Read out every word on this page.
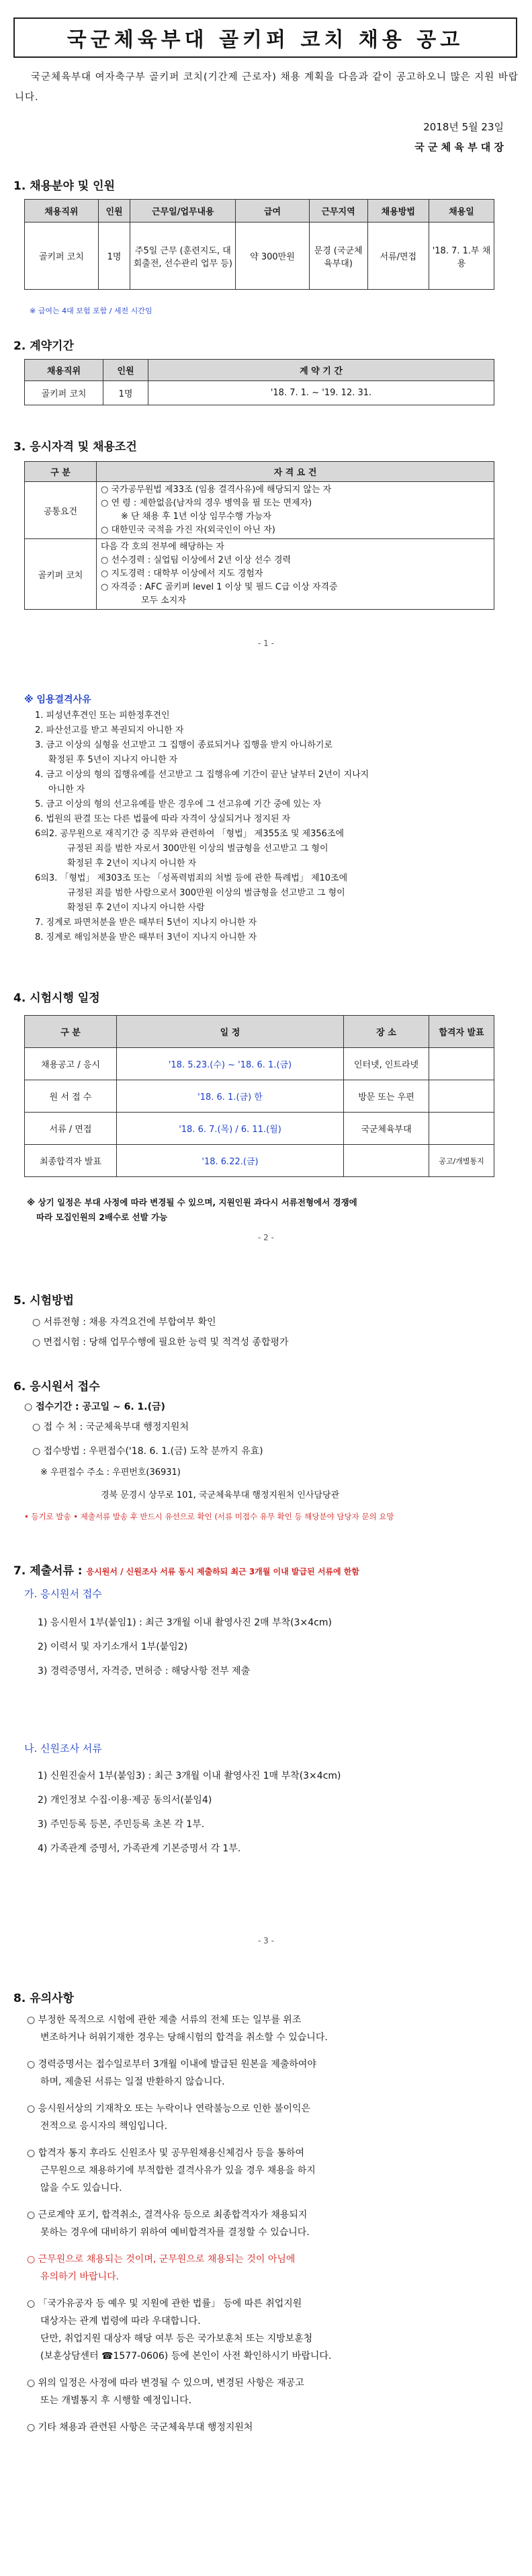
국군체육부대 골키퍼 코치 채용 공고
국군체육부대 여자축구부 골키퍼 코치(기간제 근로자) 채용 계획을 다음과 같이 공고하오니 많은 지원 바랍니다.
2018년 5월 23일
국 군 체 육 부 대 장
1. 채용분야 및 인원
채용직위	인원	근무일/업무내용	급여	근무지역	채용방법	채용일
골키퍼 코치	1명	주5일 근무 (훈련지도, 대회출전, 선수관리 업무 등)	약 300만원	문경 (국군체육부대)	서류/면접	'18. 7. 1.부 채용
※ 급여는 4대 보험 포함 / 세전 시간임
2. 계약기간
채용직위	인원	계 약 기 간
골키퍼 코치	1명	'18. 7. 1. ~ '19. 12. 31.
3. 응시자격 및 채용조건
구 분	자 격 요 건
공통요건	○ 국가공무원법 제33조 (임용 결격사유)에 해당되지 않는 자
○ 연 령 : 제한없음(남자의 경우 병역을 필 또는 면제자)
※ 단 채용 후 1년 이상 임무수행 가능자
○ 대한민국 국적을 가진 자(외국인이 아닌 자)

골키퍼 코치	다음 각 호의 전부에 해당하는 자
○ 선수경력 : 실업팀 이상에서 2년 이상 선수 경력
○ 지도경력 : 대학부 이상에서 지도 경험자
○ 자격증 : AFC 골키퍼 level 1 이상 및 필드 C급 이상 자격증
모두 소지자
- 1 -
※ 임용결격사유
1. 피성년후견인 또는 피한정후견인
2. 파산선고를 받고 복권되지 아니한 자
3. 금고 이상의 실형을 선고받고 그 집행이 종료되거나 집행을 받지 아니하기로
확정된 후 5년이 지나지 아니한 자
4. 금고 이상의 형의 집행유예를 선고받고 그 집행유예 기간이 끝난 날부터 2년이 지나지
아니한 자
5. 금고 이상의 형의 선고유예를 받은 경우에 그 선고유예 기간 중에 있는 자
6. 법원의 판결 또는 다른 법률에 따라 자격이 상실되거나 정지된 자
6의2. 공무원으로 재직기간 중 직무와 관련하여 「형법」 제355조 및 제356조에
규정된 죄를 범한 자로서 300만원 이상의 벌금형을 선고받고 그 형이
확정된 후 2년이 지나지 아니한 자
6의3. 「형법」 제303조 또는 「성폭력범죄의 처벌 등에 관한 특례법」 제10조에
규정된 죄를 범한 사람으로서 300만원 이상의 벌금형을 선고받고 그 형이
확정된 후 2년이 지나지 아니한 사람
7. 징계로 파면처분을 받은 때부터 5년이 지나지 아니한 자
8. 징계로 해임처분을 받은 때부터 3년이 지나지 아니한 자
4. 시험시행 일정
구 분	일 정	장 소	합격자 발표
채용공고 / 응시	'18. 5.23.(수) ~ '18. 6. 1.(금)	인터넷, 인트라넷	
원 서 접 수	'18. 6. 1.(금) 한	방문 또는 우편	
서류 / 면접	'18. 6. 7.(목) / 6. 11.(월)	국군체육부대	
최종합격자 발표	'18. 6.22.(금)		공고/개별통지
※ 상기 일정은 부대 사정에 따라 변경될 수 있으며, 지원인원 과다시 서류전형에서 경쟁에
따라 모집인원의 2배수로 선발 가능
- 2 -
5. 시험방법
○ 서류전형 : 채용 자격요건에 부합여부 확인
○ 면접시험 : 당해 업무수행에 필요한 능력 및 적격성 종합평가
6. 응시원서 접수
○ 접수기간 : 공고일 ~ 6. 1.(금)
○ 접 수 처 : 국군체육부대 행정지원처
○ 접수방법 : 우편접수('18. 6. 1.(금) 도착 분까지 유효)
※ 우편접수 주소 : 우편번호(36931)
경북 문경시 상무로 101, 국군체육부대 행정지원처 인사담당관
• 등기로 발송 • 제출서류 발송 후 반드시 유선으로 확인 (서류 미접수 유무 확인 등 해당분야 담당자 문의 요망
7. 제출서류 : 응시원서 / 신원조사 서류 동시 제출하되 최근 3개월 이내 발급된 서류에 한함
가. 응시원서 접수
1) 응시원서 1부(붙임1) : 최근 3개월 이내 촬영사진 2매 부착(3×4cm)
2) 이력서 및 자기소개서 1부(붙임2)
3) 경력증명서, 자격증, 면허증 : 해당사항 전부 제출
나. 신원조사 서류
1) 신원진술서 1부(붙임3) : 최근 3개월 이내 촬영사진 1매 부착(3×4cm)
2) 개인정보 수집·이용·제공 동의서(붙임4)
3) 주민등록 등본, 주민등록 초본 각 1부.
4) 가족관계 증명서, 가족관계 기본증명서 각 1부.
- 3 -
8. 유의사항
○ 부정한 목적으로 시험에 관한 제출 서류의 전체 또는 일부를 위조
변조하거나 허위기재한 경우는 당해시험의 합격을 취소할 수 있습니다.
○ 경력증명서는 접수일로부터 3개월 이내에 발급된 원본을 제출하여야
하며, 제출된 서류는 일절 반환하지 않습니다.
○ 응시원서상의 기재착오 또는 누락이나 연락불능으로 인한 불이익은
전적으로 응시자의 책임입니다.
○ 합격자 통지 후라도 신원조사 및 공무원채용신체검사 등을 통하여
근무원으로 채용하기에 부적합한 결격사유가 있을 경우 채용을 하지
않을 수도 있습니다.
○ 근로계약 포기, 합격취소, 결격사유 등으로 최종합격자가 채용되지
못하는 경우에 대비하기 위하여 예비합격자를 결정할 수 있습니다.
○ 근무원으로 채용되는 것이며, 군무원으로 채용되는 것이 아님에
유의하기 바랍니다.
○ 「국가유공자 등 예우 및 지원에 관한 법률」 등에 따른 취업지원
대상자는 관계 법령에 따라 우대합니다.
단만, 취업지원 대상자 해당 여부 등은 국가보훈처 또는 지방보훈청
(보훈상담센터 ☎1577-0606) 등에 본인이 사전 확인하시기 바랍니다.
○ 위의 일정은 사정에 따라 변경될 수 있으며, 변경된 사항은 재공고
또는 개별통지 후 시행할 예정입니다.
○ 기타 채용과 관련된 사항은 국군체육부대 행정지원처
